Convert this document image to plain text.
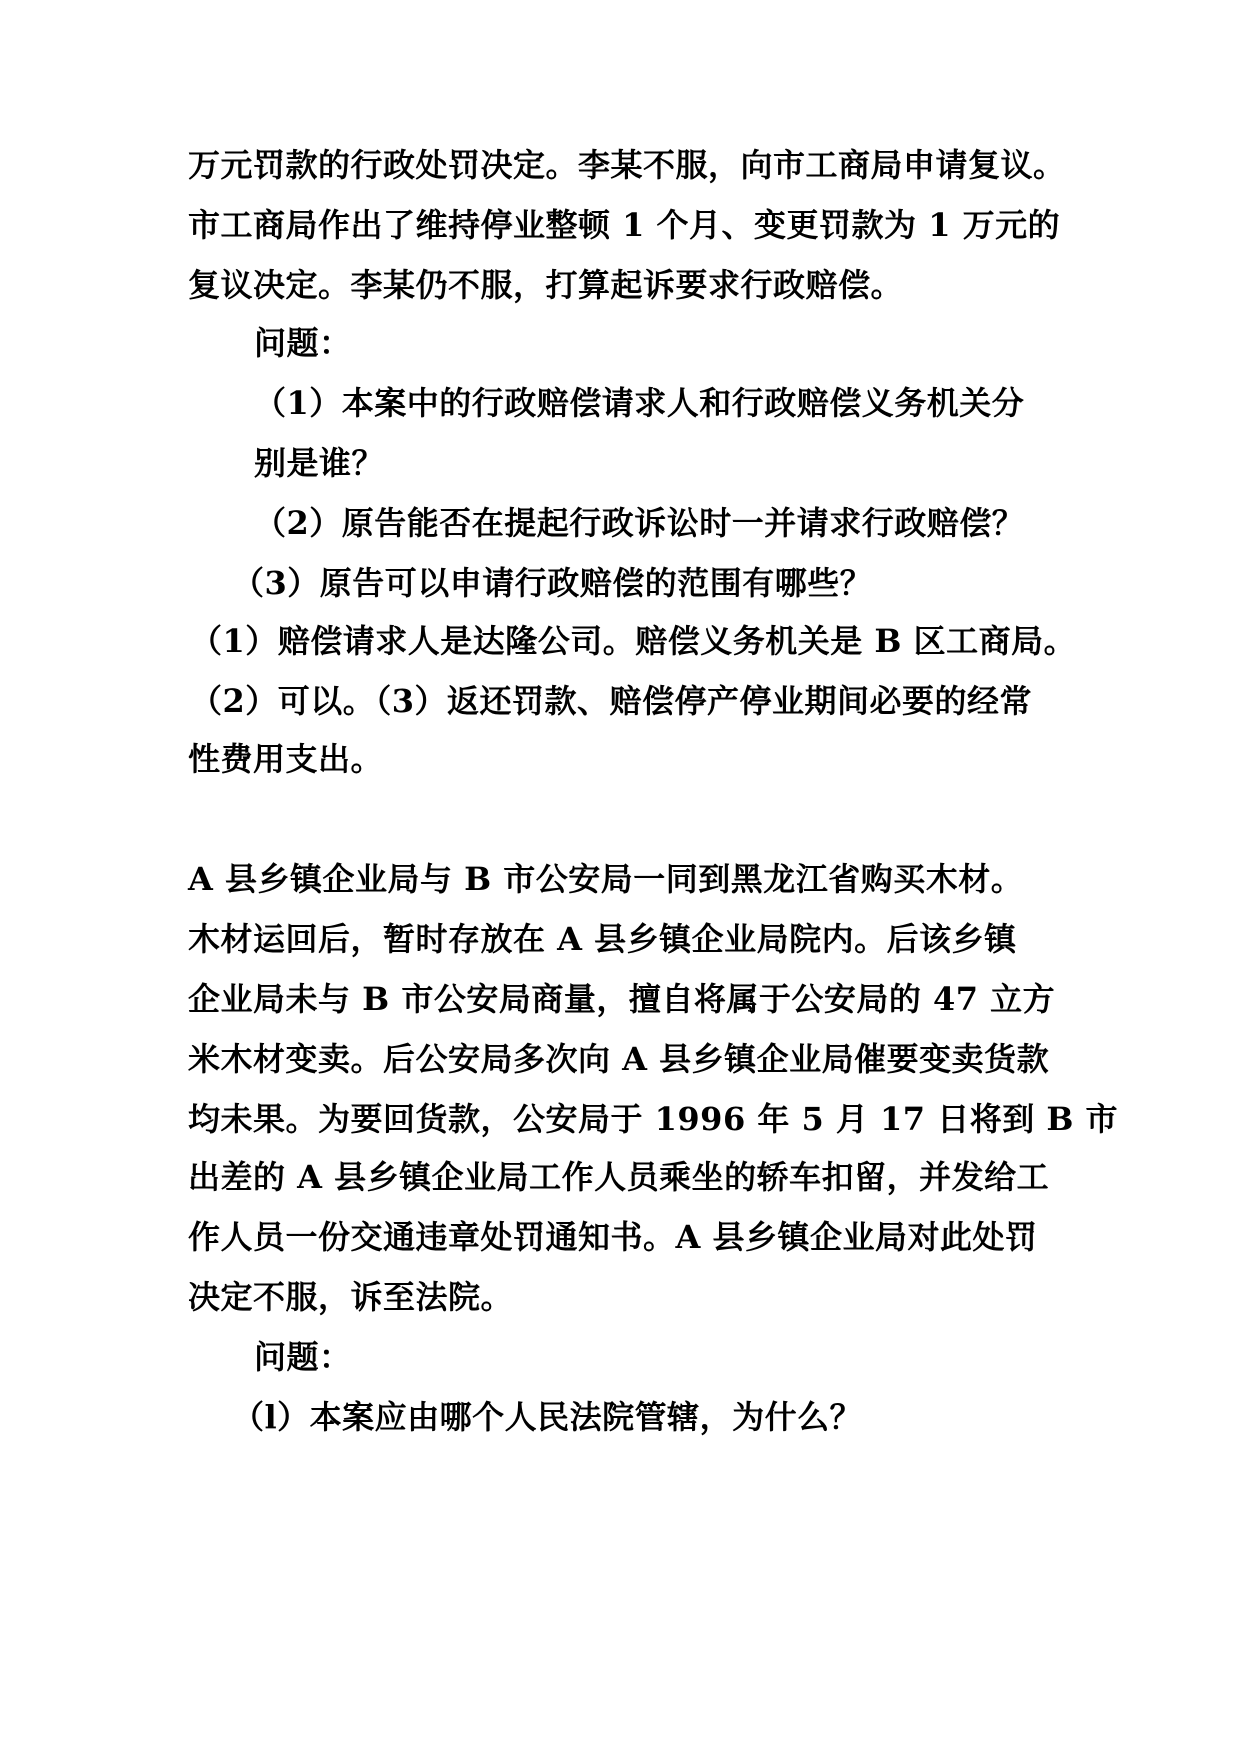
万元罚款的行政处罚决定。李某不服，向市工商局申请复议。
市工商局作出了维持停业整顿 1 个月、变更罚款为 1 万元的
复议决定。李某仍不服，打算起诉要求行政赔偿。
问题：
（1）本案中的行政赔偿请求人和行政赔偿义务机关分
别是谁？
（2）原告能否在提起行政诉讼时一并请求行政赔偿？
（3）原告可以申请行政赔偿的范围有哪些？
（1）赔偿请求人是达隆公司。赔偿义务机关是 B 区工商局。
（2）可以。（3）返还罚款、赔偿停产停业期间必要的经常
性费用支出。
A 县乡镇企业局与 B 市公安局一同到黑龙江省购买木材。
木材运回后，暂时存放在 A 县乡镇企业局院内。后该乡镇
企业局未与 B 市公安局商量，擅自将属于公安局的 47 立方
米木材变卖。后公安局多次向 A 县乡镇企业局催要变卖货款
均未果。为要回货款，公安局于 1996 年 5 月 17 日将到 B 市
出差的 A 县乡镇企业局工作人员乘坐的轿车扣留，并发给工
作人员一份交通违章处罚通知书。A 县乡镇企业局对此处罚
决定不服，诉至法院。
问题：
（l）本案应由哪个人民法院管辖，为什么？
